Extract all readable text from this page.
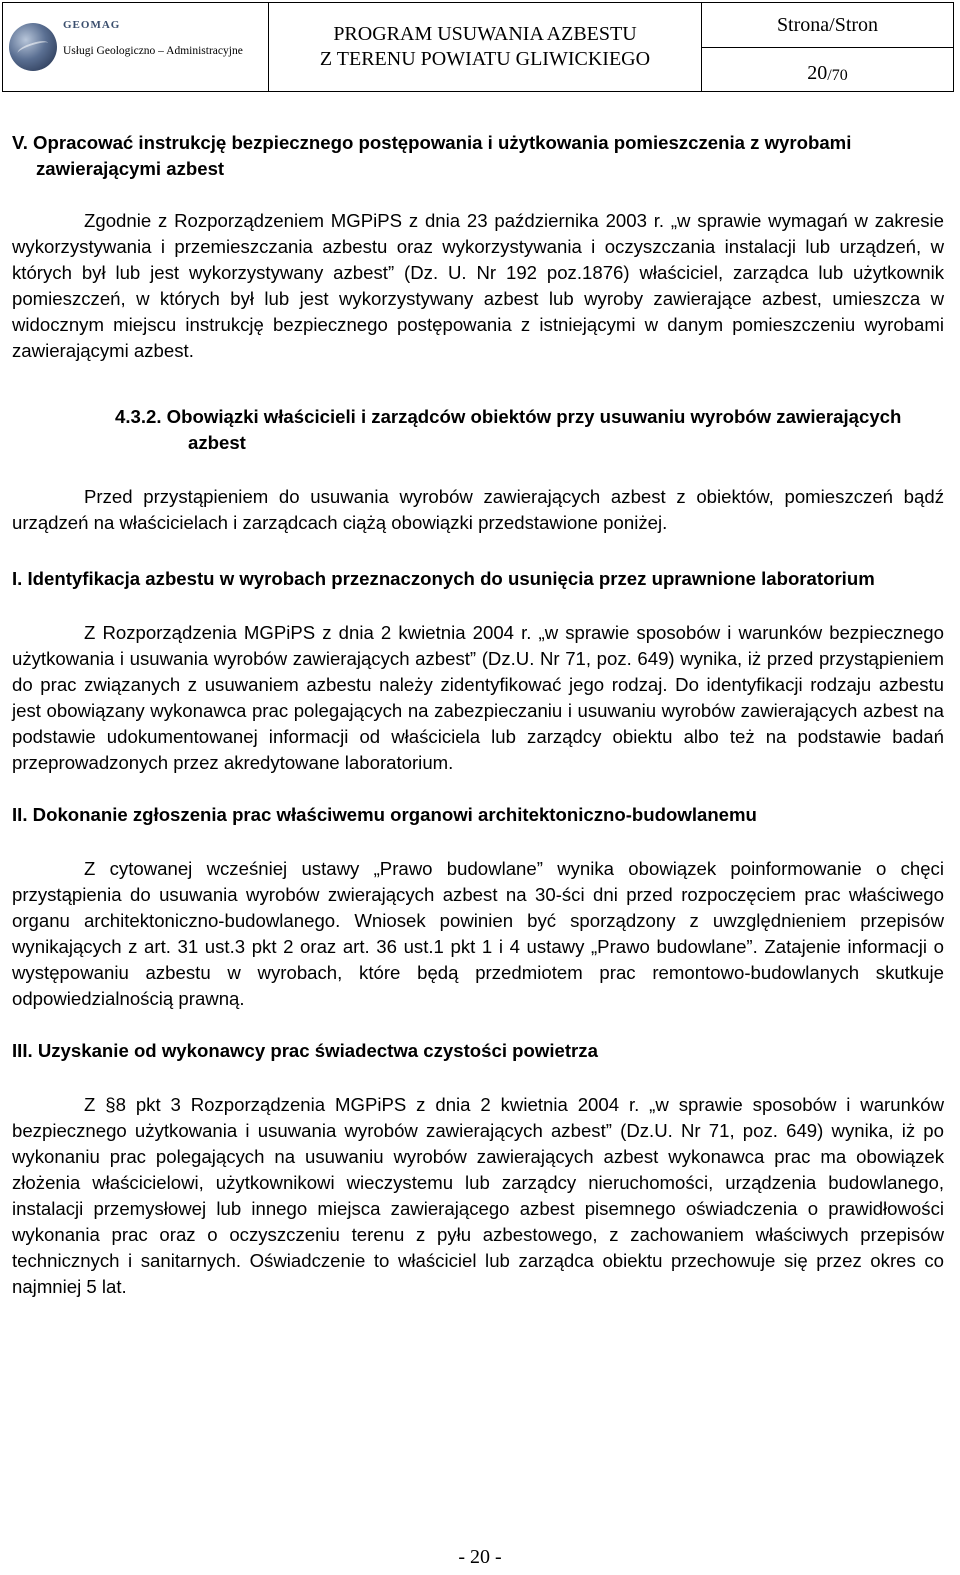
GEOMAG
Usługi Geologiczno – Administracyjne
PROGRAM USUWANIA AZBESTU
Z TERENU POWIATU GLIWICKIEGO
Strona/Stron
20 /70

V. Opracować instrukcję bezpiecznego postępowania i użytkowania pomieszczenia z wyrobami zawierającymi azbest

Zgodnie z Rozporządzeniem MGPiPS z dnia 23 października 2003 r. „w sprawie wymagań w zakresie wykorzystywania i przemieszczania azbestu oraz wykorzystywania i oczyszczania instalacji lub urządzeń, w których był lub jest wykorzystywany azbest” (Dz. U. Nr 192 poz.1876) właściciel, zarządca lub użytkownik pomieszczeń, w których był lub jest wykorzystywany azbest lub wyroby zawierające azbest, umieszcza w widocznym miejscu instrukcję bezpiecznego postępowania z istniejącymi w danym pomieszczeniu wyrobami zawierającymi azbest.

4.3.2. Obowiązki właścicieli i zarządców obiektów przy usuwaniu wyrobów zawierających azbest

Przed przystąpieniem do usuwania wyrobów zawierających azbest z obiektów, pomieszczeń bądź urządzeń na właścicielach i zarządcach ciążą obowiązki przedstawione poniżej.

I. Identyfikacja azbestu w wyrobach przeznaczonych do usunięcia przez uprawnione laboratorium

Z Rozporządzenia MGPiPS z dnia 2 kwietnia 2004 r. „w sprawie sposobów i warunków bezpiecznego użytkowania i usuwania wyrobów zawierających azbest” (Dz.U. Nr 71, poz. 649) wynika, iż przed przystąpieniem do prac związanych z usuwaniem azbestu należy zidentyfikować jego rodzaj. Do identyfikacji rodzaju azbestu jest obowiązany wykonawca prac polegających na zabezpieczaniu i usuwaniu wyrobów zawierających azbest na podstawie udokumentowanej informacji od właściciela lub zarządcy obiektu albo też na podstawie badań przeprowadzonych przez akredytowane laboratorium.

II. Dokonanie zgłoszenia prac właściwemu organowi architektoniczno-budowlanemu

Z cytowanej wcześniej ustawy „Prawo budowlane” wynika obowiązek poinformowanie o chęci przystąpienia do usuwania wyrobów zwierających azbest na 30-ści dni przed rozpoczęciem prac właściwego organu architektoniczno-budowlanego. Wniosek powinien być sporządzony z uwzględnieniem przepisów wynikających z art. 31 ust.3 pkt 2 oraz art. 36 ust.1 pkt 1 i 4 ustawy „Prawo budowlane”. Zatajenie informacji o występowaniu azbestu w wyrobach, które będą przedmiotem prac remontowo-budowlanych skutkuje odpowiedzialnością prawną.

III. Uzyskanie od wykonawcy prac świadectwa czystości powietrza

Z §8 pkt 3 Rozporządzenia MGPiPS z dnia 2 kwietnia 2004 r. „w sprawie sposobów i warunków bezpiecznego użytkowania i usuwania wyrobów zawierających azbest” (Dz.U. Nr 71, poz. 649) wynika, iż po wykonaniu prac polegających na usuwaniu wyrobów zawierających azbest wykonawca prac ma obowiązek złożenia właścicielowi, użytkownikowi wieczystemu lub zarządcy nieruchomości, urządzenia budowlanego, instalacji przemysłowej lub innego miejsca zawierającego azbest pisemnego oświadczenia o prawidłowości wykonania prac oraz o oczyszczeniu terenu z pyłu azbestowego, z zachowaniem właściwych przepisów technicznych i sanitarnych. Oświadczenie to właściciel lub zarządca obiektu przechowuje się przez okres co najmniej 5 lat.

- 20 -
